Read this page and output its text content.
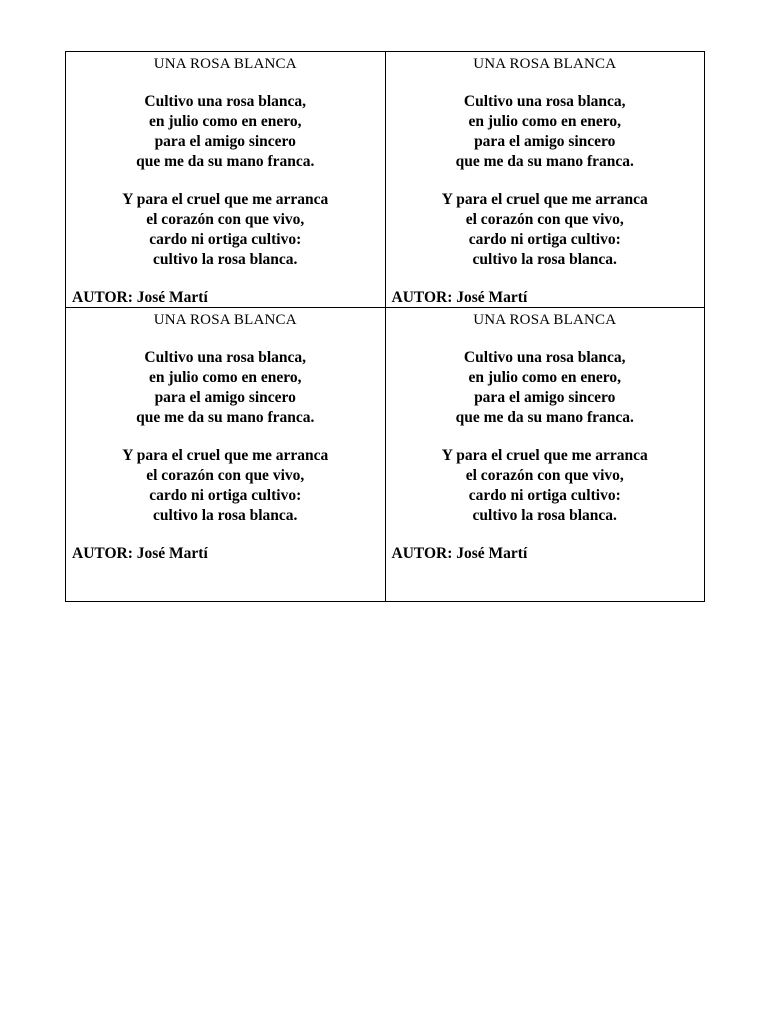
UNA ROSA BLANCA
Cultivo una rosa blanca,
en julio como en enero,
para el amigo sincero
que me da su mano franca.
Y para el cruel que me arranca
el corazón con que vivo,
cardo ni ortiga cultivo:
cultivo la rosa blanca.
AUTOR: José Martí
UNA ROSA BLANCA
Cultivo una rosa blanca,
en julio como en enero,
para el amigo sincero
que me da su mano franca.
Y para el cruel que me arranca
el corazón con que vivo,
cardo ni ortiga cultivo:
cultivo la rosa blanca.
AUTOR: José Martí
UNA ROSA BLANCA
Cultivo una rosa blanca,
en julio como en enero,
para el amigo sincero
que me da su mano franca.
Y para el cruel que me arranca
el corazón con que vivo,
cardo ni ortiga cultivo:
cultivo la rosa blanca.
AUTOR: José Martí
UNA ROSA BLANCA
Cultivo una rosa blanca,
en julio como en enero,
para el amigo sincero
que me da su mano franca.
Y para el cruel que me arranca
el corazón con que vivo,
cardo ni ortiga cultivo:
cultivo la rosa blanca.
AUTOR: José Martí
